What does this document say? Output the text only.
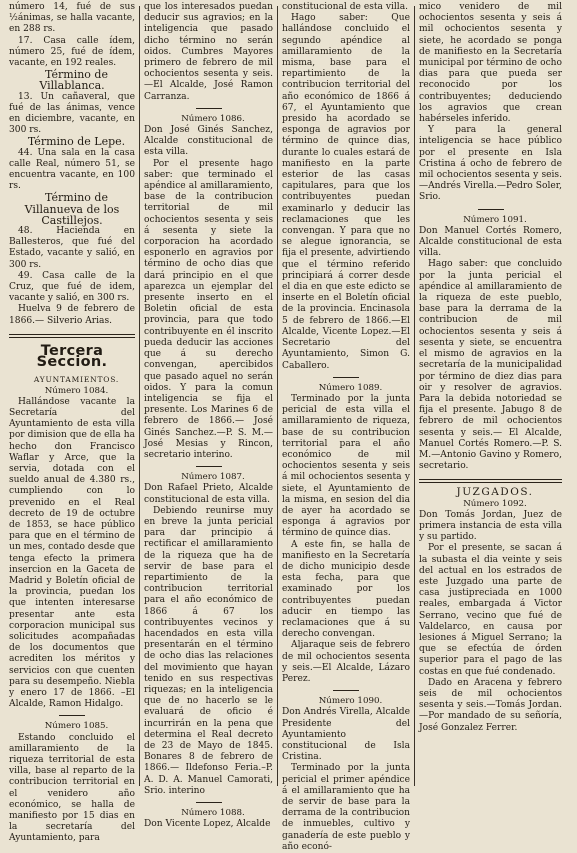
número 14, fué de sus ½ánimas, se halla vacante, en 288 rs.

17. Casa calle ídem, número 25, fué de ídem, vacante, en 192 reales.

Término de Villablanca.

13. Un cañaveral, que fué de las ánimas, vence en diciembre, vacante, en 300 rs.

Término de Lepe.

44. Una sala en la casa calle Real, número 51, se encuentra vacante, en 100 rs.

Término de Villanueva de los Castillejos.

48. Hacienda en Ballesteros, que fué del Estado, vacante y salió, en 300 rs.

49. Casa calle de la Cruz, que fué de idem, vacante y salió, en 300 rs.

Huelva 9 de febrero de 1866.— Silverio Arias.

Tercera Seccion.

AYUNTAMIENTOS.

Número 1084.

Hallándose vacante la Secretaría del Ayuntamiento de esta villa por dimision que de ella ha hecho don Francisco Waflar y Arce, que la servia, dotada con el sueldo anual de 4.380 rs., cumpliendo con lo prevenido en el Real decreto de 19 de octubre de 1853, se hace público para que en el término de un mes, contado desde que tenga efecto la primera insercion en la Gaceta de Madrid y Boletín oficial de la provincia, puedan los que intenten interesarse presentar ante esta corporacion municipal sus solicitudes acompañadas de los documentos que acrediten los méritos y servicios con que cuenten para su desempeño. Niebla y enero 17 de 1866. –El Alcalde, Ramon Hidalgo.

Número 1085.

Estando concluido el amillaramiento de la riqueza territorial de esta villa, base al reparto de la contribucion territorial en el venidero año económico, se halla de manifiesto por 15 dias en la secretaría del Ayuntamiento, para

que los interesados puedan deducir sus agravios; en la inteligencia que pasado dicho término no serán oidos. Cumbres Mayores primero de febrero de mil ochocientos sesenta y seis.—El Alcalde, José Ramon Carranza.

Número 1086.

Don José Ginés Sanchez, Alcalde constitucional de esta villa.

Por el presente hago saber: que terminado el apéndice al amillaramiento, base de la contribucion territorial de mil ochocientos sesenta y seis á sesenta y siete la corporacion ha acordado esponerlo en agravios por término de ocho dias que dará principio en el que aparezca un ejemplar del presente inserto en el Boletin oficial de esta provincia, para que todo contribuyente en él inscrito pueda deducir las acciones que á su derecho convengan, apercibidos que pasado aquel no serán oidos. Y para la comun inteligencia se fija el presente. Los Marines 6 de febrero de 1866.— José Ginés Sanchez.—P. S. M.—José Mesias y Rincon, secretario interino.

Número 1087.

Don Rafael Prieto, Alcalde constitucional de esta villa.

Debiendo reunirse muy en breve la junta pericial para dar principio á rectificar el amillaramiento de la riqueza que ha de servir de base para el repartimiento de la contribucion territorial para el año económico de 1866 á 67 los contribuyentes vecinos y hacendados en esta villa presentarán en el término de ocho dias las relaciones del movimiento que hayan tenido en sus respectivas riquezas; en la inteligencia que de no hacerlo se le evaluará de oficio é incurrirán en la pena que determina el Real decreto de 23 de Mayo de 1845. Bonares 8 de febrero de 1866.— Ildefonso Feria.–P. A. D. A. Manuel Camorati, Srio. interino

Número 1088.

Don Vicente Lopez, Alcalde

constitucional de esta villa.

Hago saber: Que hallándose concluido el segundo apéndice al amillaramiento de la misma, base para el repartimiento de la contribucion territorial del año económico de 1866 á 67, el Ayuntamiento que presido ha acordado se esponga de agravios por término de quince dias, durante lo cuales estará de manifiesto en la parte esterior de las casas capitulares, para que los contribuyentes puedan examinarlo y deducir las reclamaciones que les convengan. Y para que no se alegue ignorancia, se fija el presente, advirtiendo que el término referido principiará á correr desde el dia en que este edicto se inserte en el Boletín oficial de la provincia. Encinasola 5 de febrero de 1866.—El Alcalde, Vicente Lopez.—El Secretario del Ayuntamiento, Simon G. Caballero.

Número 1089.

Terminado por la junta pericial de esta villa el amillaramiento de riqueza, base de su contribucion territorial para el año económico de mil ochocientos sesenta y seis á mil ochocientos sesenta y siete, el Ayuntamiento de la misma, en sesion del dia de ayer ha acordado se esponga á agravios por término de quince dias.

A este fin, se halla de manifiesto en la Secretaría de dicho municipio desde esta fecha, para que examinado por los contribuyentes puedan aducir en tiempo las reclamaciones que á su derecho convengan.

Aljaraque seis de febrero de mil ochocientos sesenta y seis.—El Alcalde, Lázaro Perez.

Número 1090.

Don Andrés Virella, Alcalde Presidente del Ayuntamiento constitucional de Isla Cristina.

Terminado por la junta pericial el primer apéndice á el amillaramiento que ha de servir de base para la derrama de la contribucion de inmuebles, cultivo y ganadería de este pueblo y año econó-

mico venidero de mil ochocientos sesenta y seis á mil ochocientos sesenta y siete, he acordado se ponga de manifiesto en la Secretaría municipal por término de ocho dias para que pueda ser reconocido por los contribuyentes; deduciendo los agravios que crean habérseles inferido.

Y para la general inteligencia se hace público por el presente en Isla Cristina á ocho de febrero de mil ochocientos sesenta y seis.—Andrés Virella.—Pedro Soler, Srio.

Número 1091.

Don Manuel Cortés Romero, Alcalde constitucional de esta villa.

Hago saber: que concluido por la junta pericial el apéndice al amillaramiento de la riqueza de este pueblo, base para la derrama de la contribucion de mil ochocientos sesenta y seis á sesenta y siete, se encuentra el mismo de agravios en la secretaría de la municipalidad por término de diez dias para oir y resolver de agravios. Para la debida notoriedad se fija el presente. Jabugo 8 de febrero de mil ochocientos sesenta y seis.— El Alcalde, Manuel Cortés Romero.—P. S. M.—Antonio Gavino y Romero, secretario.

JUZGADOS.

Número 1092.

Don Tomás Jordan, Juez de primera instancia de esta villa y su partido.

Por el presente, se sacan á la subasta el dia veinte y seis del actual en los estrados de este Juzgado una parte de casa justipreciada en 1000 reales, embargada á Victor Serrano, vecino que fué de Valdelarco, en causa por lesiones á Miguel Serrano; la que se efectúa de órden superior para el pago de las costas en que fué condenado.

Dado en Aracena y febrero seis de mil ochocientos sesenta y seis.—Tomás Jordan.—Por mandado de su señoría, José Gonzalez Ferrer.
